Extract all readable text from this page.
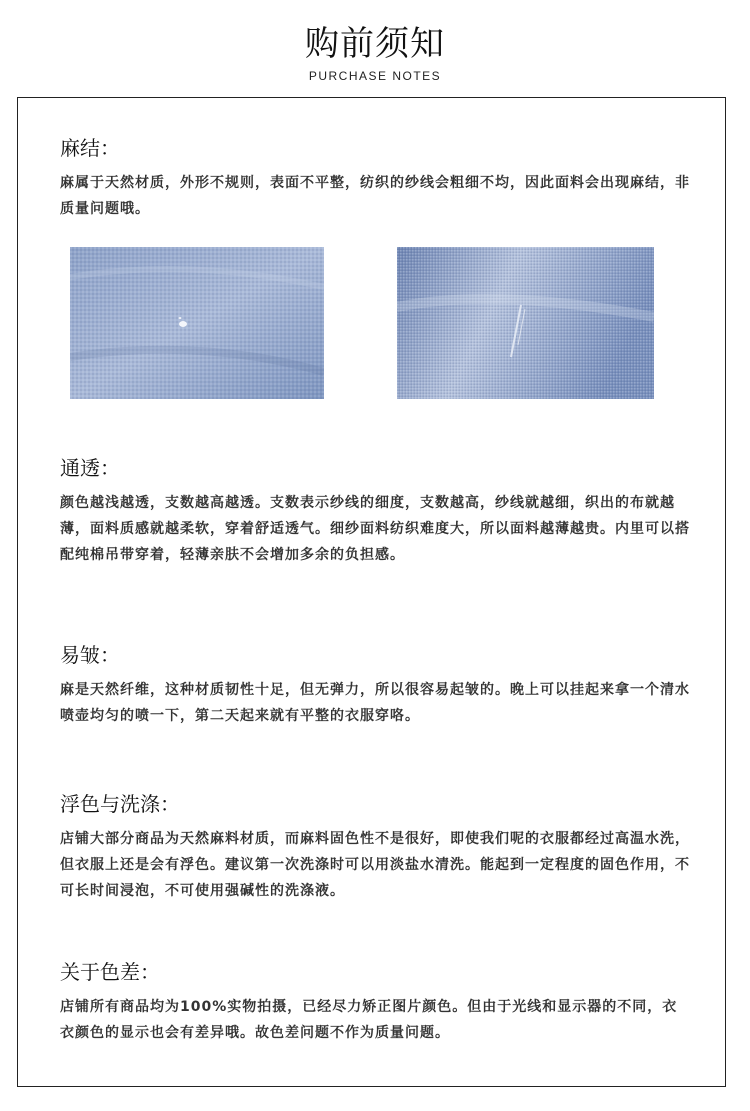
购前须知
PURCHASE NOTES
麻结：

麻属于天然材质，外形不规则，表面不平整，纺织的纱线会粗细不均，因此面料会出现麻结，非质量问题哦。

通透：

颜色越浅越透，支数越高越透。支数表示纱线的细度，支数越高，纱线就越细，织出的布就越薄，面料质感就越柔软，穿着舒适透气。细纱面料纺织难度大，所以面料越薄越贵。内里可以搭配纯棉吊带穿着，轻薄亲肤不会增加多余的负担感。

易皱：

麻是天然纤维，这种材质韧性十足，但无弹力，所以很容易起皱的。晚上可以挂起来拿一个清水喷壶均匀的喷一下，第二天起来就有平整的衣服穿咯。

浮色与洗涤：

店铺大部分商品为天然麻料材质，而麻料固色性不是很好，即使我们呢的衣服都经过高温水洗，但衣服上还是会有浮色。建议第一次洗涤时可以用淡盐水清洗。能起到一定程度的固色作用，不可长时间浸泡，不可使用强碱性的洗涤液。

关于色差：

店铺所有商品均为100%实物拍摄，已经尽力矫正图片颜色。但由于光线和显示器的不同，衣衣颜色的显示也会有差异哦。故色差问题不作为质量问题。
